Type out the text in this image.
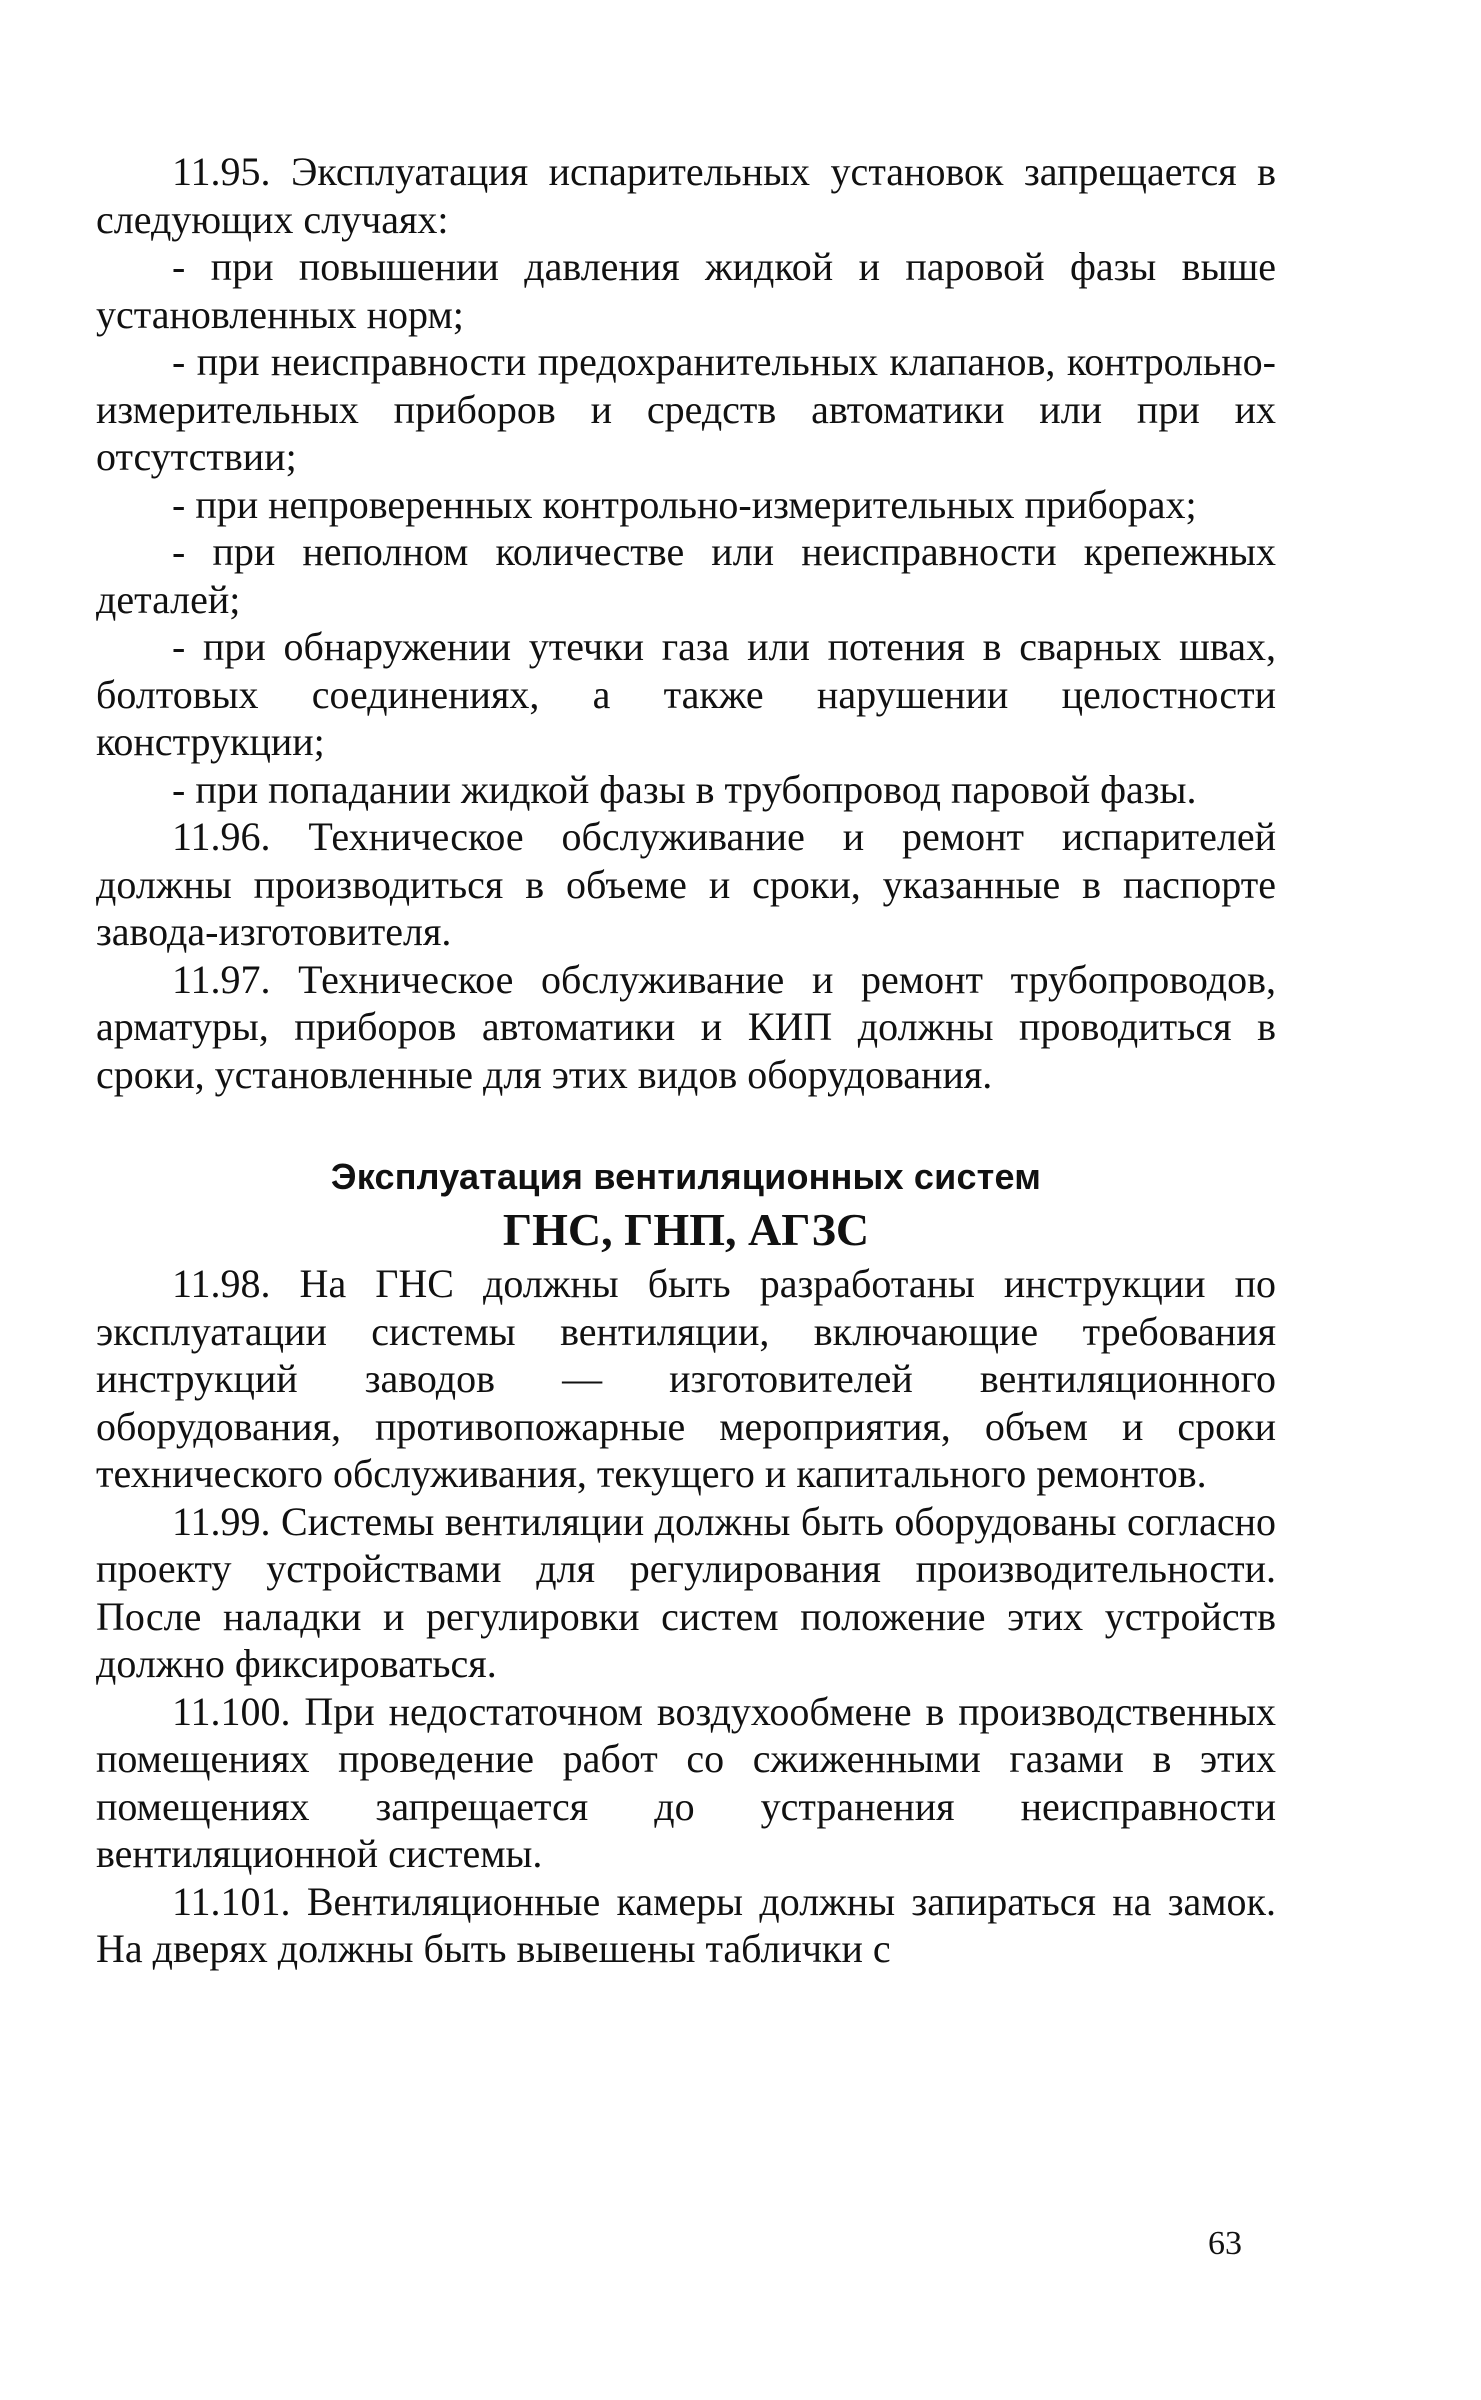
11.95. Эксплуатация испарительных установок запрещается в следующих случаях:

- при повышении давления жидкой и паровой фазы выше установленных норм;

- при неисправности предохранительных клапанов, контрольно-измерительных приборов и средств автоматики или при их отсутствии;

- при непроверенных контрольно-измерительных приборах;

- при неполном количестве или неисправности крепежных деталей;

- при обнаружении утечки газа или потения в сварных швах, болтовых соединениях, а также нарушении целостности конструкции;

- при попадании жидкой фазы в трубопровод паровой фазы.

11.96. Техническое обслуживание и ремонт испарителей должны производиться в объеме и сроки, указанные в паспорте завода-изготовителя.

11.97. Техническое обслуживание и ремонт трубопроводов, арматуры, приборов автоматики и КИП должны проводиться в сроки, установленные для этих видов оборудования.

Эксплуатация вентиляционных систем
ГНС, ГНП, АГЗС

11.98. На ГНС должны быть разработаны инструкции по эксплуатации системы вентиляции, включающие требования инструкций заводов — изготовителей вентиляционного оборудования, противопожарные мероприятия, объем и сроки технического обслуживания, текущего и капитального ремонтов.

11.99. Системы вентиляции должны быть оборудованы согласно проекту устройствами для регулирования производительности. После наладки и регулировки систем положение этих устройств должно фиксироваться.

11.100. При недостаточном воздухообмене в производственных помещениях проведение работ со сжиженными газами в этих помещениях запрещается до устранения неисправности вентиляционной системы.

11.101. Вентиляционные камеры должны запираться на замок. На дверях должны быть вывешены таблички с

63
